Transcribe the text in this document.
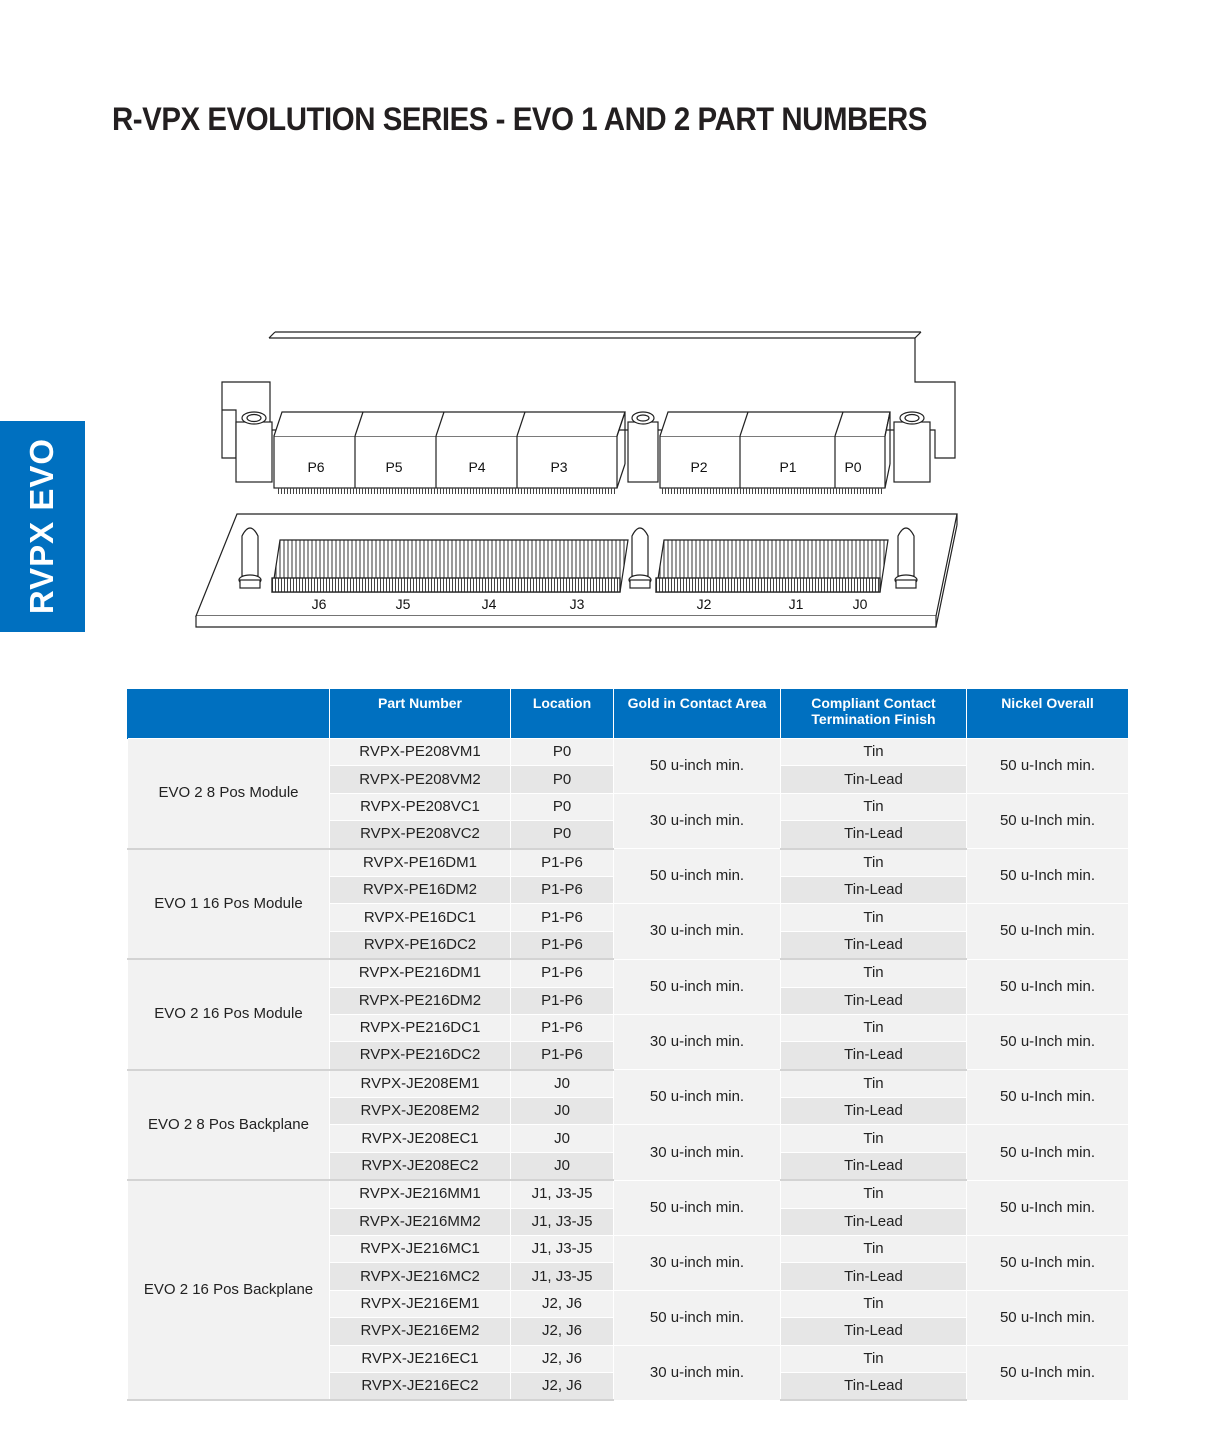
R-VPX EVOLUTION SERIES - EVO 1 AND 2 PART NUMBERS
RVPX EVO	P6	P5	P4	P3	P2	P1	P0
J6	J5	J4	J3	J2	J1	J0
	Part Number	Location	Gold in Contact Area	Compliant Contact
Termination Finish	Nickel Overall
EVO 2 8 Pos Module	RVPX-PE208VM1	P0	50 u-inch min.	Tin	50 u-Inch min.
	RVPX-PE208VM2	P0		Tin-Lead	
	RVPX-PE208VC1	P0	30 u-inch min.	Tin	50 u-Inch min.
	RVPX-PE208VC2	P0		Tin-Lead	
EVO 1 16 Pos Module	RVPX-PE16DM1	P1-P6	50 u-inch min.	Tin	50 u-Inch min.
	RVPX-PE16DM2	P1-P6		Tin-Lead	
	RVPX-PE16DC1	P1-P6	30 u-inch min.	Tin	50 u-Inch min.
	RVPX-PE16DC2	P1-P6		Tin-Lead	
EVO 2 16 Pos Module	RVPX-PE216DM1	P1-P6	50 u-inch min.	Tin	50 u-Inch min.
	RVPX-PE216DM2	P1-P6		Tin-Lead	
	RVPX-PE216DC1	P1-P6	30 u-inch min.	Tin	50 u-Inch min.
	RVPX-PE216DC2	P1-P6		Tin-Lead	
EVO 2 8 Pos Backplane	RVPX-JE208EM1	J0	50 u-inch min.	Tin	50 u-Inch min.
	RVPX-JE208EM2	J0		Tin-Lead	
	RVPX-JE208EC1	J0	30 u-inch min.	Tin	50 u-Inch min.
	RVPX-JE208EC2	J0		Tin-Lead	
EVO 2 16 Pos Backplane	RVPX-JE216MM1	J1, J3-J5	50 u-inch min.	Tin	50 u-Inch min.
	RVPX-JE216MM2	J1, J3-J5		Tin-Lead	
	RVPX-JE216MC1	J1, J3-J5	30 u-inch min.	Tin	50 u-Inch min.
	RVPX-JE216MC2	J1, J3-J5		Tin-Lead	
	RVPX-JE216EM1	J2, J6	50 u-inch min.	Tin	50 u-Inch min.
	RVPX-JE216EM2	J2, J6		Tin-Lead	
	RVPX-JE216EC1	J2, J6	30 u-inch min.	Tin	50 u-Inch min.
	RVPX-JE216EC2	J2, J6		Tin-Lead	
